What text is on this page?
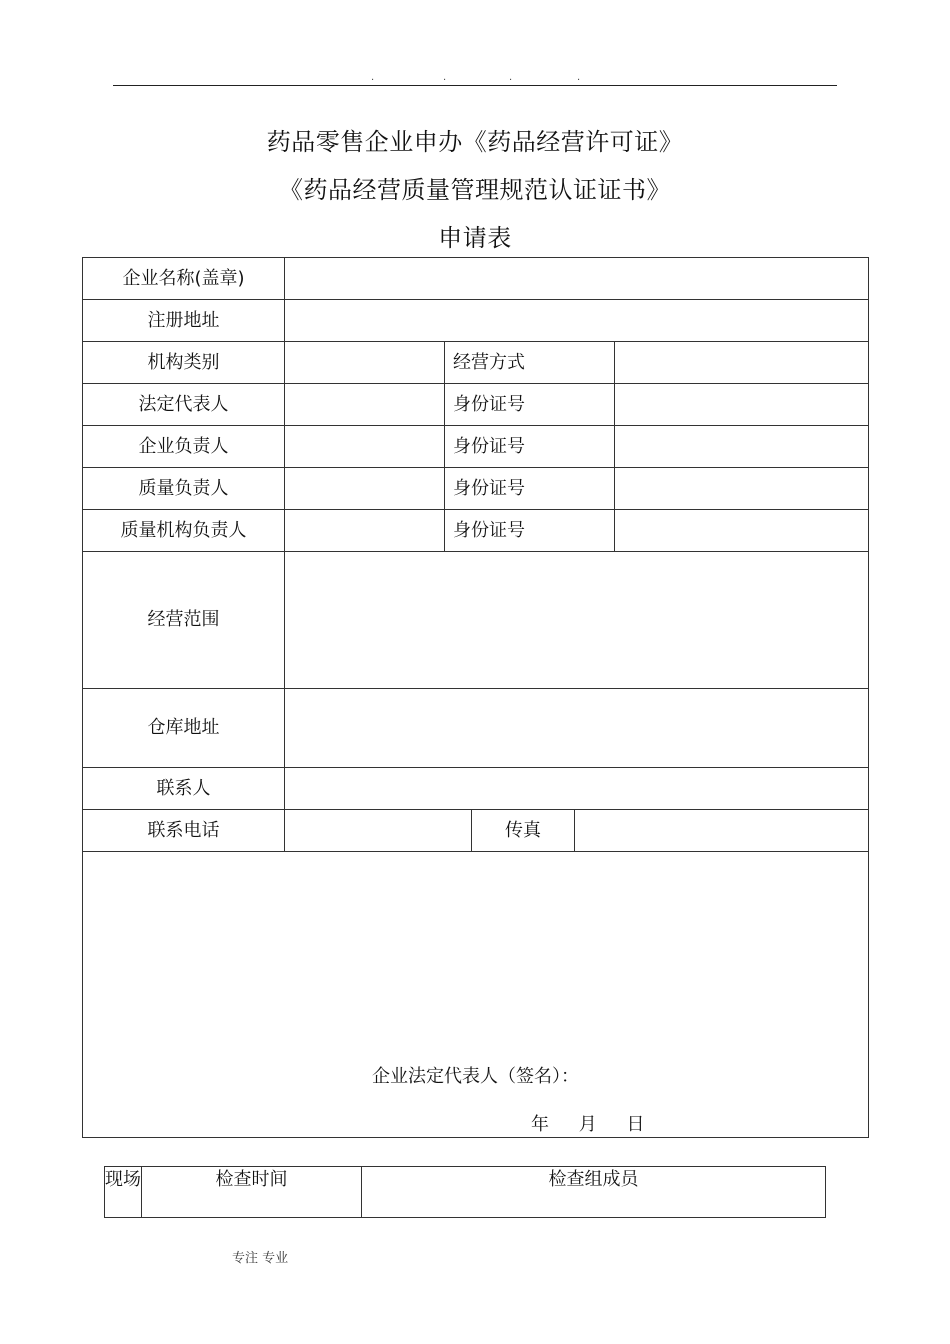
.	.	.	.
药品零售企业申办《药品经营许可证》
《药品经营质量管理规范认证证书》
申请表
企业名称(盖章)					
注册地址					
机构类别		经营方式			
法定代表人		身份证号			
企业负责人		身份证号			
质量负责人		身份证号			
质量机构负责人		身份证号			
经营范围					
仓库地址					
联系人					
联系电话			传真		

企业法定代表人（签名）：
年 月 日					
现场	检查时间	检查组成员
专注 专业
